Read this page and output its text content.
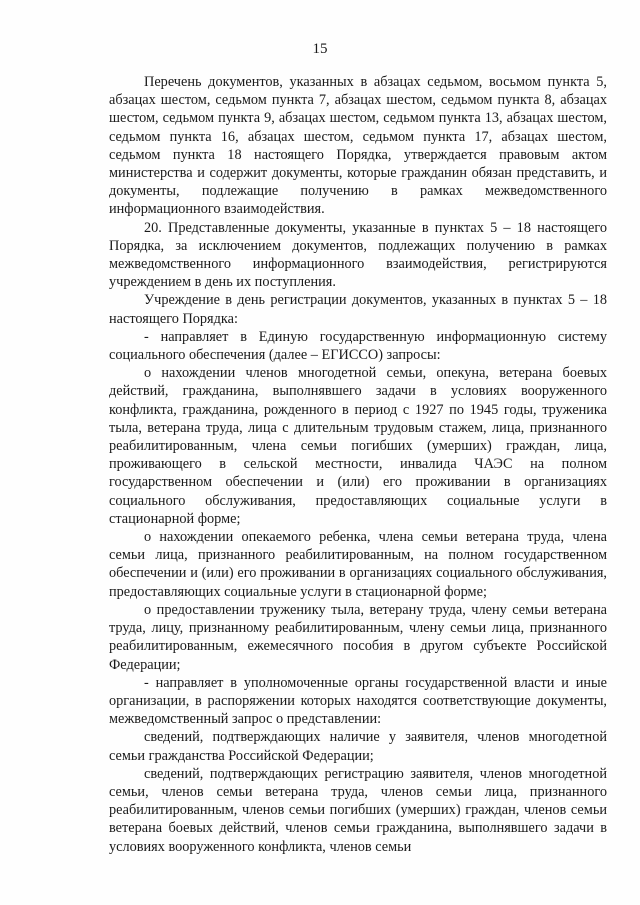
15

Перечень документов, указанных в абзацах седьмом, восьмом пункта 5, абзацах шестом, седьмом пункта 7, абзацах шестом, седьмом пункта 8, абзацах шестом, седьмом пункта 9, абзацах шестом, седьмом пункта 13, абзацах шестом, седьмом пункта 16, абзацах шестом, седьмом пункта 17, абзацах шестом, седьмом пункта 18 настоящего Порядка, утверждается правовым актом министерства и содержит документы, которые гражданин обязан представить, и документы, подлежащие получению в рамках межведомственного информационного взаимодействия.

20. Представленные документы, указанные в пунктах 5 – 18 настоящего Порядка, за исключением документов, подлежащих получению в рамках межведомственного информационного взаимодействия, регистрируются учреждением в день их поступления.

Учреждение в день регистрации документов, указанных в пунктах 5 – 18 настоящего Порядка:

- направляет в Единую государственную информационную систему социального обеспечения (далее – ЕГИССО) запросы:

о нахождении членов многодетной семьи, опекуна, ветерана боевых действий, гражданина, выполнявшего задачи в условиях вооруженного конфликта, гражданина, рожденного в период с 1927 по 1945 годы, труженика тыла, ветерана труда, лица с длительным трудовым стажем, лица, признанного реабилитированным, члена семьи погибших (умерших) граждан, лица, проживающего в сельской местности, инвалида ЧАЭС на полном государственном обеспечении и (или) его проживании в организациях социального обслуживания, предоставляющих социальные услуги в стационарной форме;

о нахождении опекаемого ребенка, члена семьи ветерана труда, члена семьи лица, признанного реабилитированным, на полном государственном обеспечении и (или) его проживании в организациях социального обслуживания, предоставляющих социальные услуги в стационарной форме;

о предоставлении труженику тыла, ветерану труда, члену семьи ветерана труда, лицу, признанному реабилитированным, члену семьи лица, признанного реабилитированным, ежемесячного пособия в другом субъекте Российской Федерации;

- направляет в уполномоченные органы государственной власти и иные организации, в распоряжении которых находятся соответствующие документы, межведомственный запрос о представлении:

сведений, подтверждающих наличие у заявителя, членов многодетной семьи гражданства Российской Федерации;

сведений, подтверждающих регистрацию заявителя, членов многодетной семьи, членов семьи ветерана труда, членов семьи лица, признанного реабилитированным, членов семьи погибших (умерших) граждан, членов семьи ветерана боевых действий, членов семьи гражданина, выполнявшего задачи в условиях вооруженного конфликта, членов семьи
